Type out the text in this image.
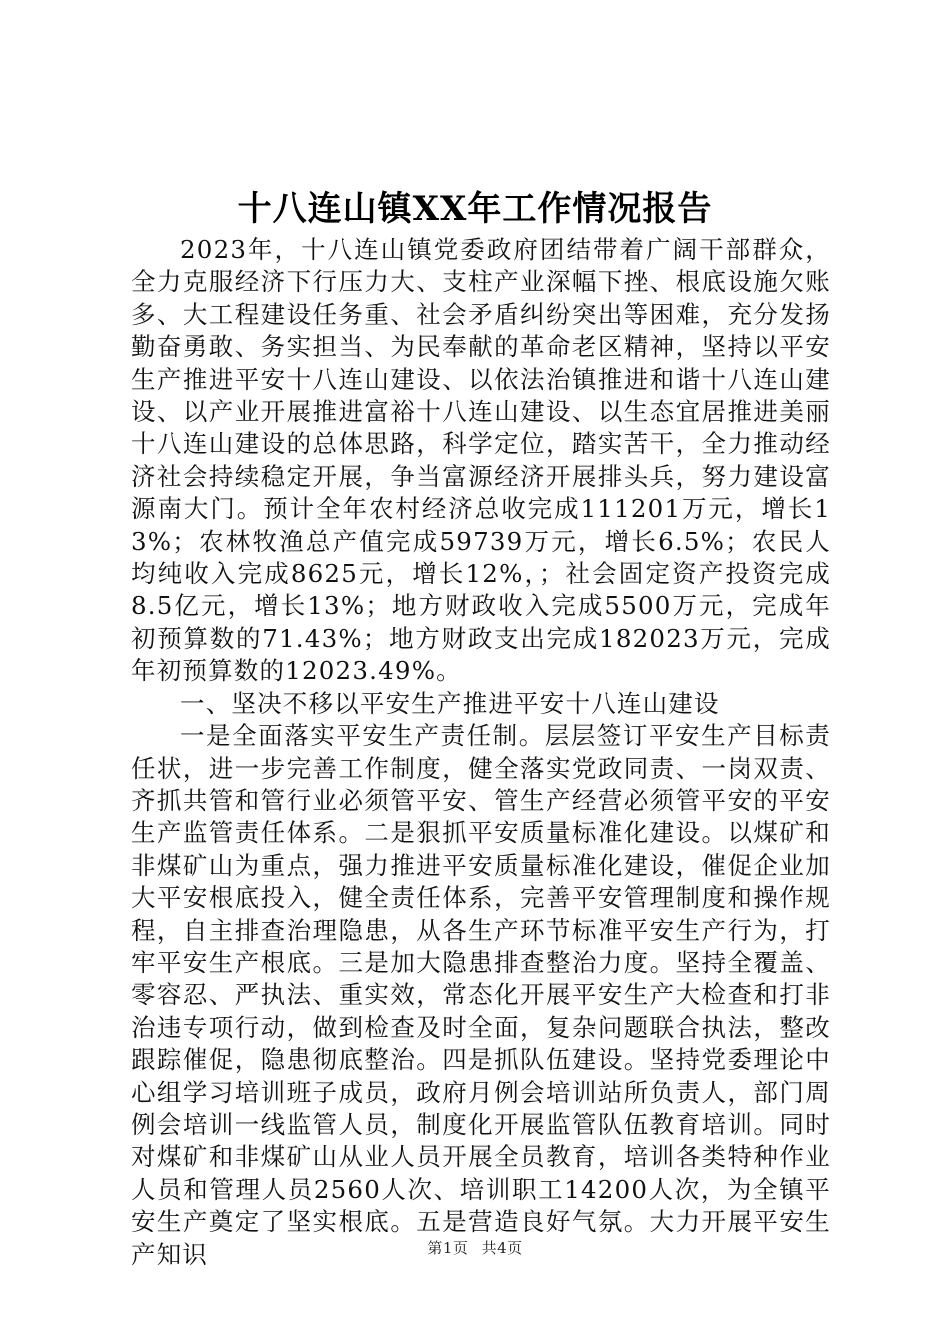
十八连山镇XX年工作情况报告

2023年，十八连山镇党委政府团结带着广阔干部群众，全力克服经济下行压力大、支柱产业深幅下挫、根底设施欠账多、大工程建设任务重、社会矛盾纠纷突出等困难，充分发扬勤奋勇敢、务实担当、为民奉献的革命老区精神，坚持以平安生产推进平安十八连山建设、以依法治镇推进和谐十八连山建设、以产业开展推进富裕十八连山建设、以生态宜居推进美丽十八连山建设的总体思路，科学定位，踏实苦干，全力推动经济社会持续稳定开展，争当富源经济开展排头兵，努力建设富源南大门。预计全年农村经济总收完成111201万元，增长13%；农林牧渔总产值完成59739万元，增长6.5%；农民人均纯收入完成8625元，增长12%，；社会固定资产投资完成8.5亿元，增长13%；地方财政收入完成5500万元，完成年初预算数的71.43%；地方财政支出完成182023万元，完成年初预算数的12023.49%。

一、坚决不移以平安生产推进平安十八连山建设

一是全面落实平安生产责任制。层层签订平安生产目标责任状，进一步完善工作制度，健全落实党政同责、一岗双责、齐抓共管和管行业必须管平安、管生产经营必须管平安的平安生产监管责任体系。二是狠抓平安质量标准化建设。以煤矿和非煤矿山为重点，强力推进平安质量标准化建设，催促企业加大平安根底投入，健全责任体系，完善平安管理制度和操作规程，自主排查治理隐患，从各生产环节标准平安生产行为，打牢平安生产根底。三是加大隐患排查整治力度。坚持全覆盖、零容忍、严执法、重实效，常态化开展平安生产大检查和打非治违专项行动，做到检查及时全面，复杂问题联合执法，整改跟踪催促，隐患彻底整治。四是抓队伍建设。坚持党委理论中心组学习培训班子成员，政府月例会培训站所负责人，部门周例会培训一线监管人员，制度化开展监管队伍教育培训。同时对煤矿和非煤矿山从业人员开展全员教育，培训各类特种作业人员和管理人员2560人次、培训职工14200人次，为全镇平安生产奠定了坚实根底。五是营造良好气氛。大力开展平安生产知识	第1页 共4页
